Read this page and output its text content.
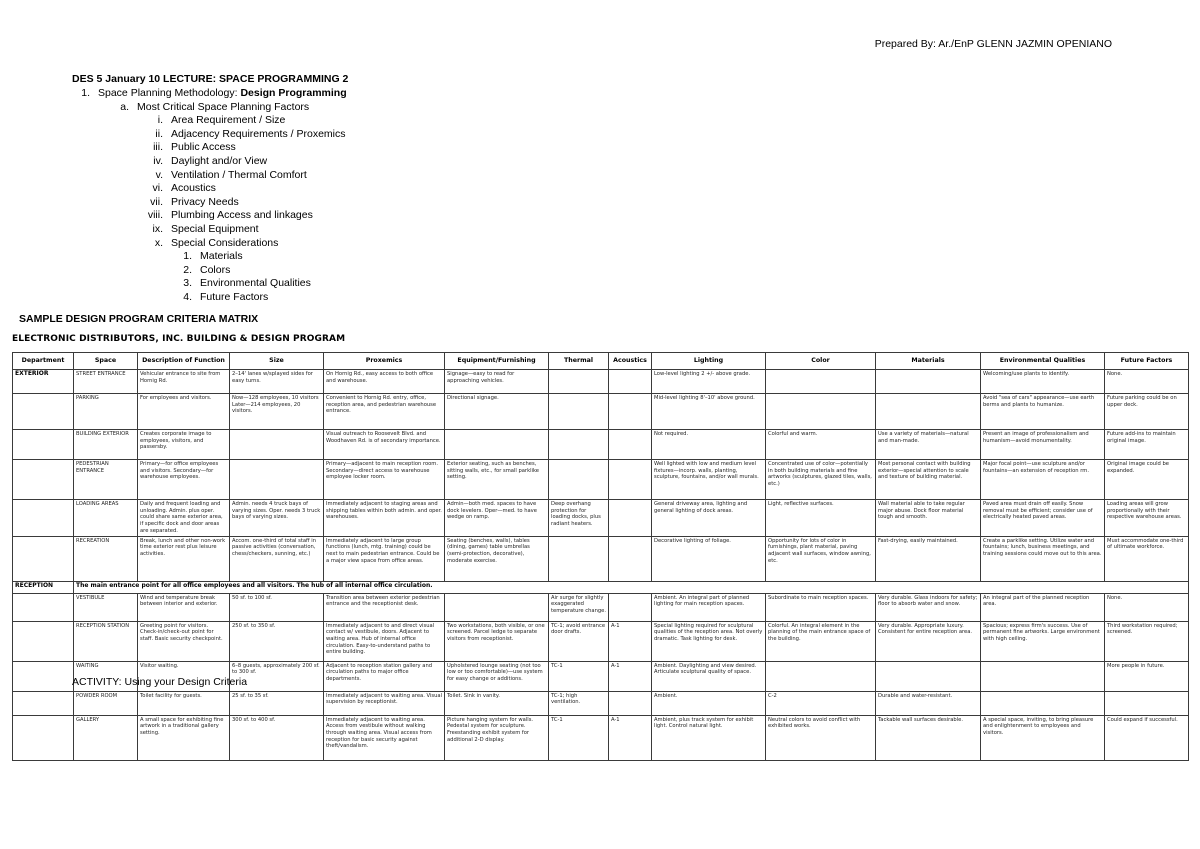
Prepared By: Ar./EnP GLENN JAZMIN OPENIANO
DES 5 January 10 LECTURE: SPACE PROGRAMMING 2
1. Space Planning Methodology: Design Programming
a. Most Critical Space Planning Factors
i. Area Requirement / Size
ii. Adjacency Requirements / Proxemics
iii. Public Access
iv. Daylight and/or View
v. Ventilation / Thermal Comfort
vi. Acoustics
vii. Privacy Needs
viii. Plumbing Access and linkages
ix. Special Equipment
x. Special Considerations
1. Materials
2. Colors
3. Environmental Qualities
4. Future Factors
SAMPLE DESIGN PROGRAM CRITERIA MATRIX
ELECTRONIC DISTRIBUTORS, INC. BUILDING & DESIGN PROGRAM
Department	Space	Description of Function	Size	Proxemics	Equipment/Furnishing	Thermal	Acoustics	Lighting	Color	Materials	Environmental Qualities	Future Factors
EXTERIOR	STREET ENTRANCE	Vehicular entrance to site from Hornig Rd.	2–14' lanes w/splayed sides for easy turns.	On Hornig Rd., easy access to both office and warehouse.	Signage—easy to read for approaching vehicles.			Low-level lighting 2 +/- above grade.			Welcoming/use plants to identify.	None.
	PARKING	For employees and visitors.	Now—128 employees, 10 visitors Later—214 employees, 20 visitors.	Convenient to Hornig Rd. entry, office, reception area, and pedestrian warehouse entrance.	Directional signage.			Mid-level lighting 8'–10' above ground.			Avoid "sea of cars" appearance—use earth berms and plants to humanize.	Future parking could be on upper deck.
	BUILDING EXTERIOR	Creates corporate image to employees, visitors, and passersby.		Visual outreach to Roosevelt Blvd. and Woodhaven Rd. is of secondary importance.				Not required.	Colorful and warm.	Use a variety of materials—natural and man-made.	Present an image of professionalism and humanism—avoid monumentality.	Future add-ins to maintain original image.
	PEDESTRIAN ENTRANCE	Primary—for office employees and visitors. Secondary—for warehouse employees.		Primary—adjacent to main reception room. Secondary—direct access to warehouse employee locker room.	Exterior seating, such as benches, sitting walls, etc., for small parklike setting.			Well lighted with low and medium level fixtures—incorp. walls, planting, sculpture, fountains, and/or wall murals.	Concentrated use of color—potentially in both building materials and fine artworks (sculptures, glazed tiles, walls, etc.)	Most personal contact with building exterior—special attention to scale and texture of building material.	Major focal point—use sculpture and/or fountains—an extension of reception rm.	Original image could be expanded.
	LOADING AREAS	Daily and frequent loading and unloading. Admin. plus oper. could share same exterior area, if specific dock and door areas are separated.	Admin. needs 4 truck bays of varying sizes. Oper. needs 3 truck bays of varying sizes.	Immediately adjacent to staging areas and shipping tables within both admin. and oper. warehouses.	Admin—both med. spaces to have dock levelers. Oper—med. to have wedge on ramp.	Deep overhang protection for loading docks, plus radiant heaters.		General driveway area, lighting and general lighting of dock areas.	Light, reflective surfaces.	Wall material able to take regular major abuse. Dock floor material tough and smooth.	Paved area must drain off easily. Snow removal must be efficient; consider use of electrically heated paved areas.	Loading areas will grow proportionally with their respective warehouse areas.
	RECREATION	Break, lunch and other non-work time exterior rest plus leisure activities.	Accom. one-third of total staff in passive activities (conversation, chess/checkers, sunning, etc.)	Immediately adjacent to large group functions (lunch, mtg. training) could be next to main pedestrian entrance. Could be a major view space from office areas.	Seating (benches, walls), tables (dining, games) table umbrellas (semi-protection, decorative), moderate exercise.			Decorative lighting of foliage.	Opportunity for lots of color in furnishings, plant material, paving adjacent wall surfaces, window awning, etc.	Fast-drying, easily maintained.	Create a parklike setting. Utilize water and fountains; lunch, business meetings, and training sessions could move out to this area.	Must accommodate one-third of ultimate workforce.
RECEPTION	The main entrance point for all office employees and all visitors. The hub of all internal office circulation.											
	VESTIBULE	Wind and temperature break between interior and exterior.	50 sf. to 100 sf.	Transition area between exterior pedestrian entrance and the receptionist desk.		Air surge for slightly exaggerated temperature change.		Ambient. An integral part of planned lighting for main reception spaces.	Subordinate to main reception spaces.	Very durable. Glass indoors for safety; floor to absorb water and snow.	An integral part of the planned reception area.	None.
	RECEPTION STATION	Greeting point for visitors. Check-in/check-out point for staff. Basic security checkpoint.	250 sf. to 350 sf.	Immediately adjacent to and direct visual contact w/ vestibule, doors. Adjacent to waiting area. Hub of internal office circulation. Easy-to-understand paths to entire building.	Two workstations, both visible, or one screened. Parcel ledge to separate visitors from receptionist.	TC-1; avoid entrance door drafts.	A-1	Special lighting required for sculptural qualities of the reception area. Not overly dramatic. Task lighting for desk.	Colorful. An integral element in the planning of the main entrance space of the building.	Very durable. Appropriate luxury. Consistent for entire reception area.	Spacious; express firm's success. Use of permanent fine artworks. Large environment with high ceiling.	Third workstation required; screened.
	WAITING	Visitor waiting.	6–8 guests, approximately 200 sf. to 300 sf.	Adjacent to reception station gallery and circulation paths to major office departments.	Upholstered lounge seating (not too low or too comfortable)—use system for easy change or additions.	TC-1	A-1	Ambient. Daylighting and view desired. Articulate sculptural quality of space.				More people in future.
	POWDER ROOM	Toilet facility for guests.	25 sf. to 35 sf.	Immediately adjacent to waiting area. Visual supervision by receptionist.	Toilet. Sink in vanity.	TC-1; high ventilation.		Ambient.	C-2	Durable and water-resistant.		
	GALLERY	A small space for exhibiting fine artwork in a traditional gallery setting.	300 sf. to 400 sf.	Immediately adjacent to waiting area. Access from vestibule without walking through waiting area. Visual access from reception for basic security against theft/vandalism.	Picture hanging system for walls. Pedestal system for sculpture. Freestanding exhibit system for additional 2-D display.	TC-1	A-1	Ambient, plus track system for exhibit light. Control natural light.	Neutral colors to avoid conflict with exhibited works.	Tackable wall surfaces desirable.	A special space, inviting, to bring pleasure and enlightenment to employees and visitors.	Could expand if successful.
ACTIVITY: Using your Design Criteria
